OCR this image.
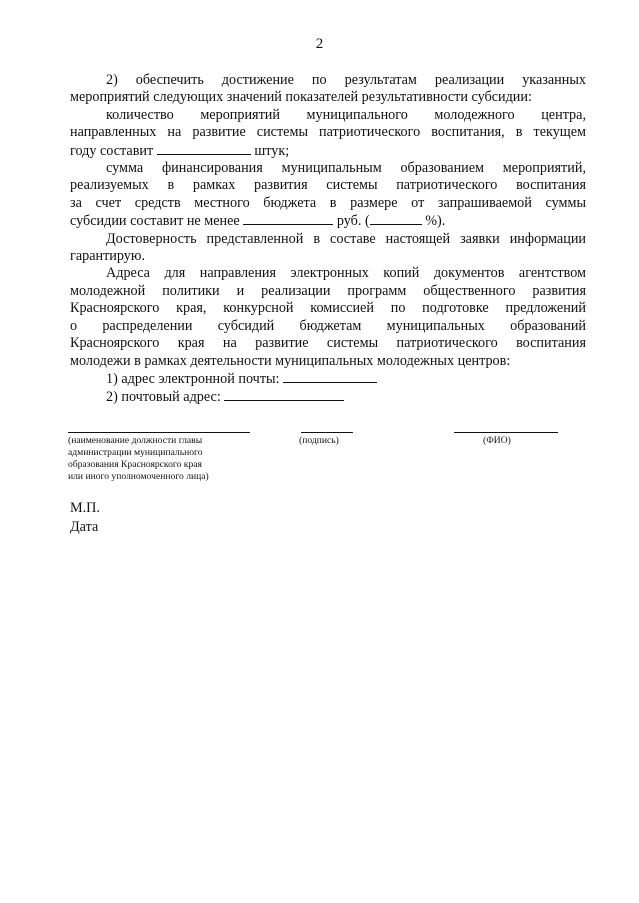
2
2) обеспечить достижение по результатам реализации указанных
мероприятий следующих значений показателей результативности субсидии:
количество мероприятий муниципального молодежного центра,
направленных на развитие системы патриотического воспитания, в текущем
году составит	штук;
сумма финансирования муниципальным образованием мероприятий,
реализуемых в рамках развития системы патриотического воспитания
за счет средств местного бюджета в размере от запрашиваемой суммы
субсидии составит не менее	руб. (	%).
Достоверность представленной в составе настоящей заявки информации
гарантирую.
Адреса для направления электронных копий документов агентством
молодежной политики и реализации программ общественного развития
Красноярского края, конкурсной комиссией по подготовке предложений
о распределении субсидий бюджетам муниципальных образований
Красноярского края на развитие системы патриотического воспитания
молодежи в рамках деятельности муниципальных молодежных центров:
1) адрес электронной почты:
2) почтовый адрес:
(наименование должности главы
администрации муниципального
образования Красноярского края
или иного уполномоченного лица)
(подпись)	(ФИО)
М.П.
Дата
